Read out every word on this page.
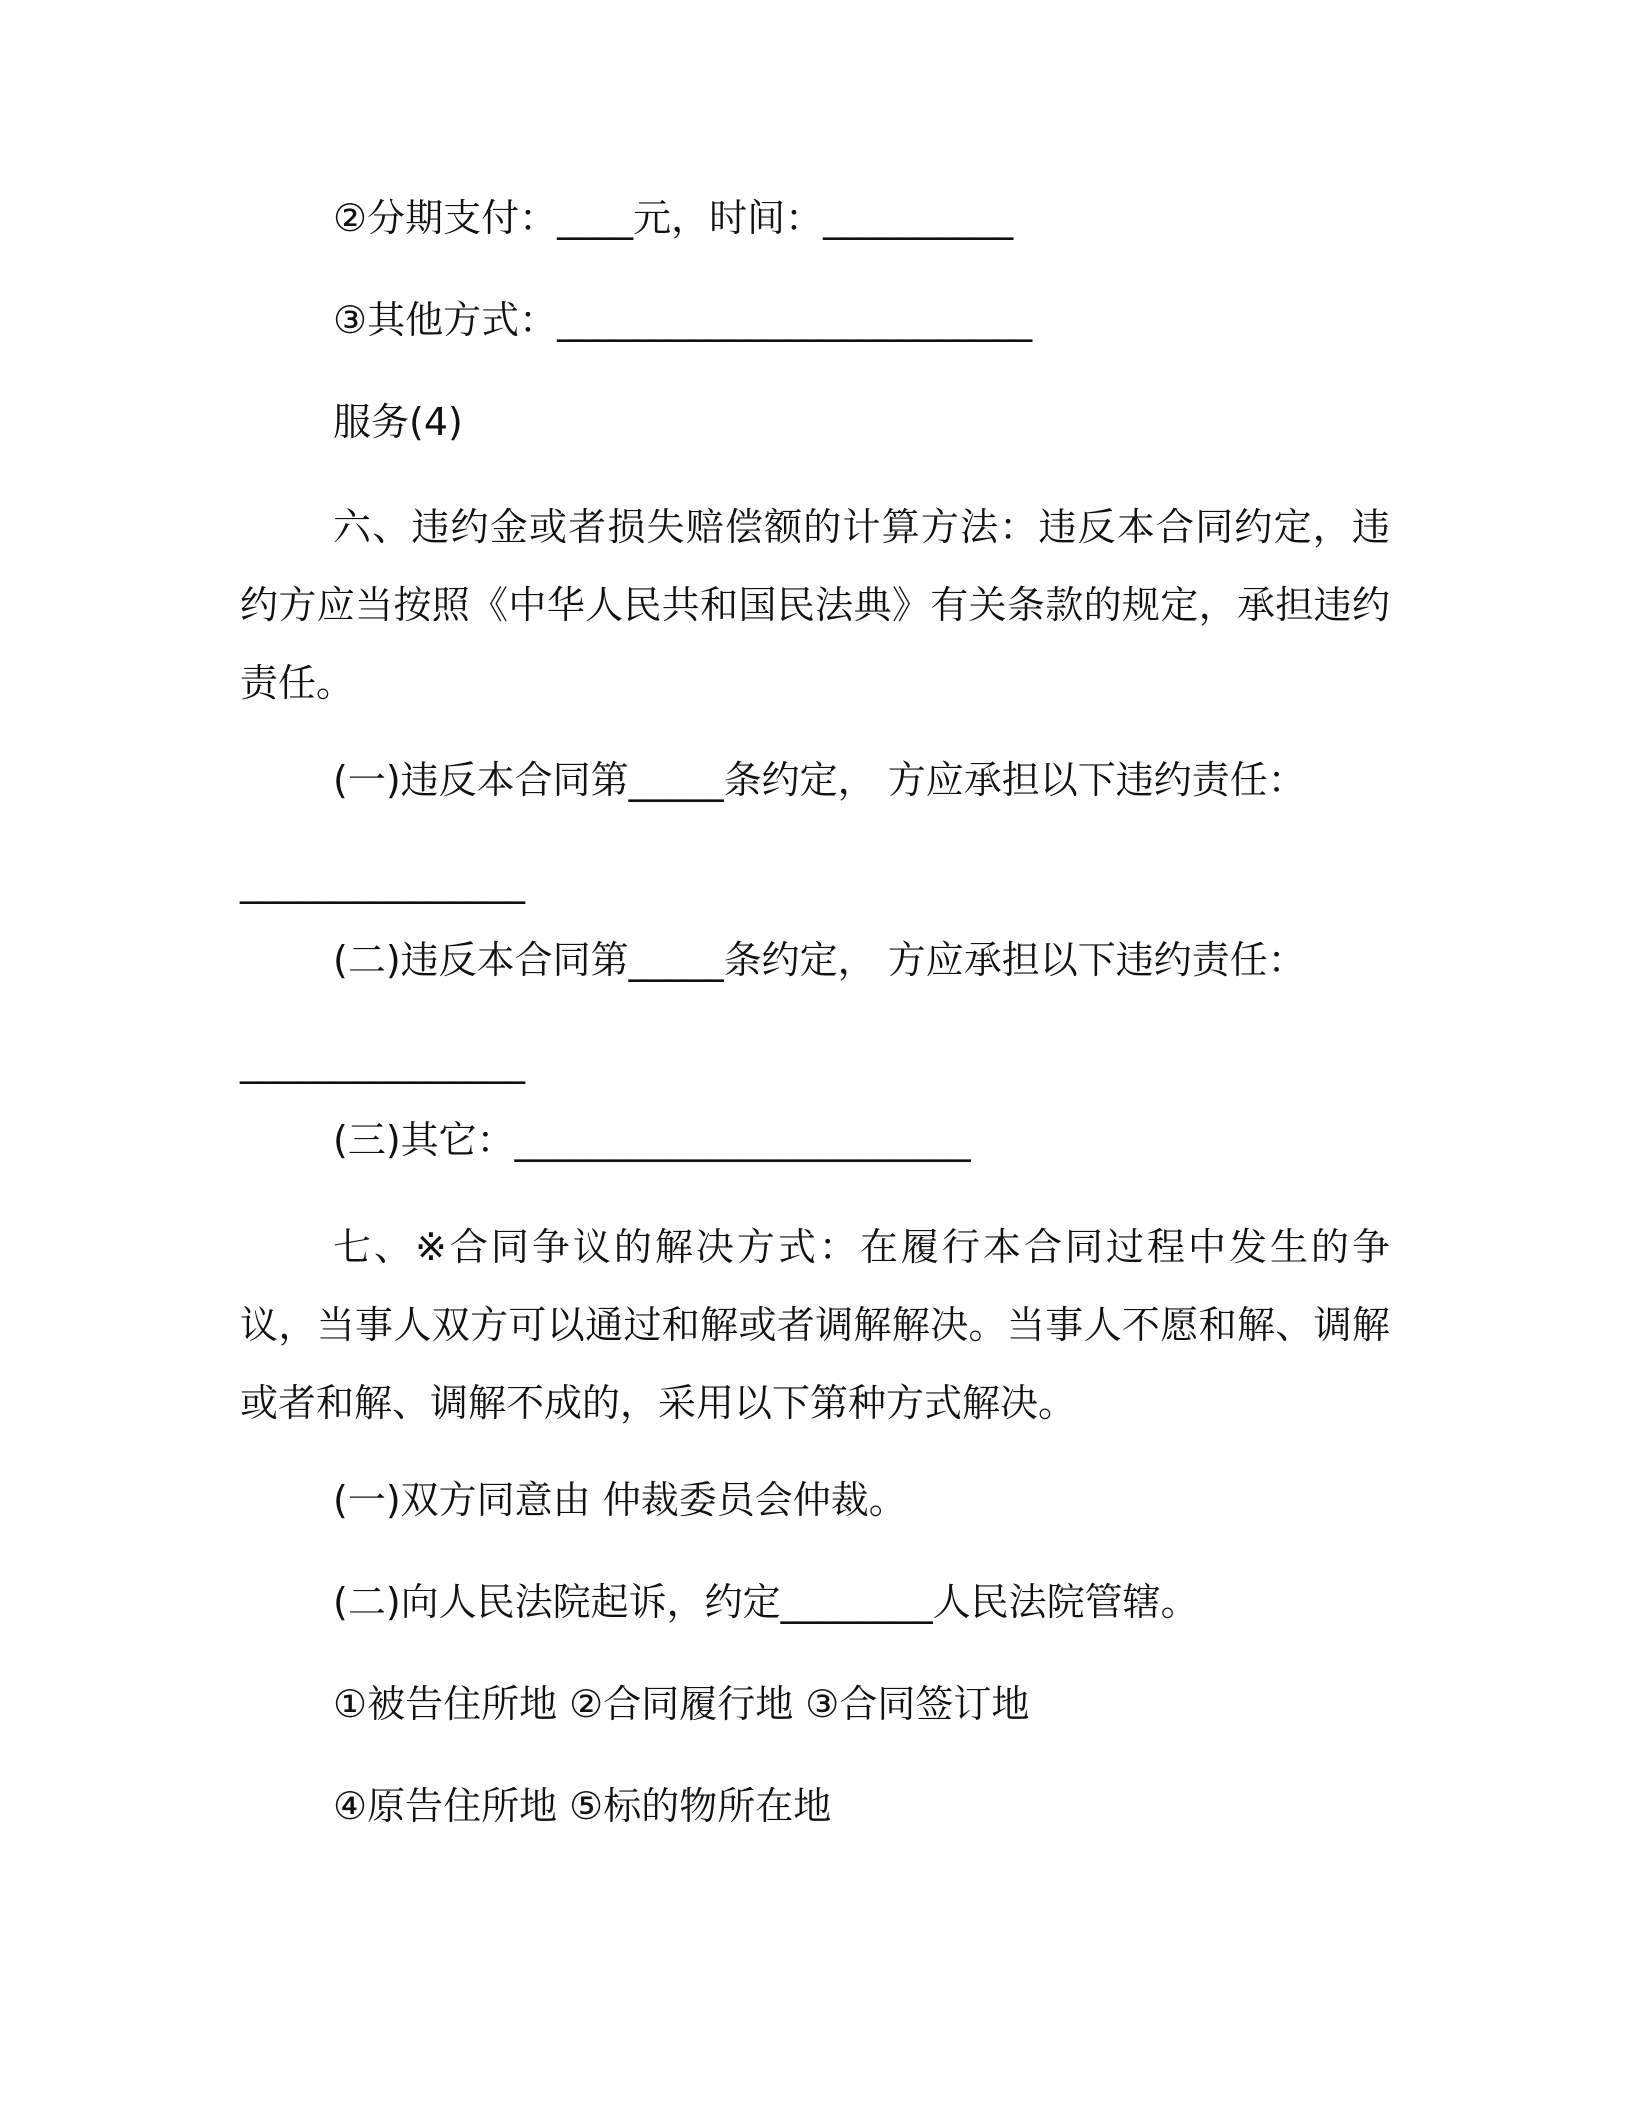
②分期支付：____元，时间：__________
③其他方式：_________________________
服务(4)
六、违约金或者损失赔偿额的计算方法：违反本合同约定，违约方应当按照《中华人民共和国民法典》有关条款的规定，承担违约责任。
(一)违反本合同第_____条约定， 方应承担以下违约责任：
_______________
(二)违反本合同第_____条约定， 方应承担以下违约责任：
_______________
(三)其它：________________________
七、※合同争议的解决方式：在履行本合同过程中发生的争议，当事人双方可以通过和解或者调解解决。当事人不愿和解、调解或者和解、调解不成的，采用以下第种方式解决。
(一)双方同意由 仲裁委员会仲裁。
(二)向人民法院起诉，约定________人民法院管辖。
①被告住所地 ②合同履行地 ③合同签订地
④原告住所地 ⑤标的物所在地
